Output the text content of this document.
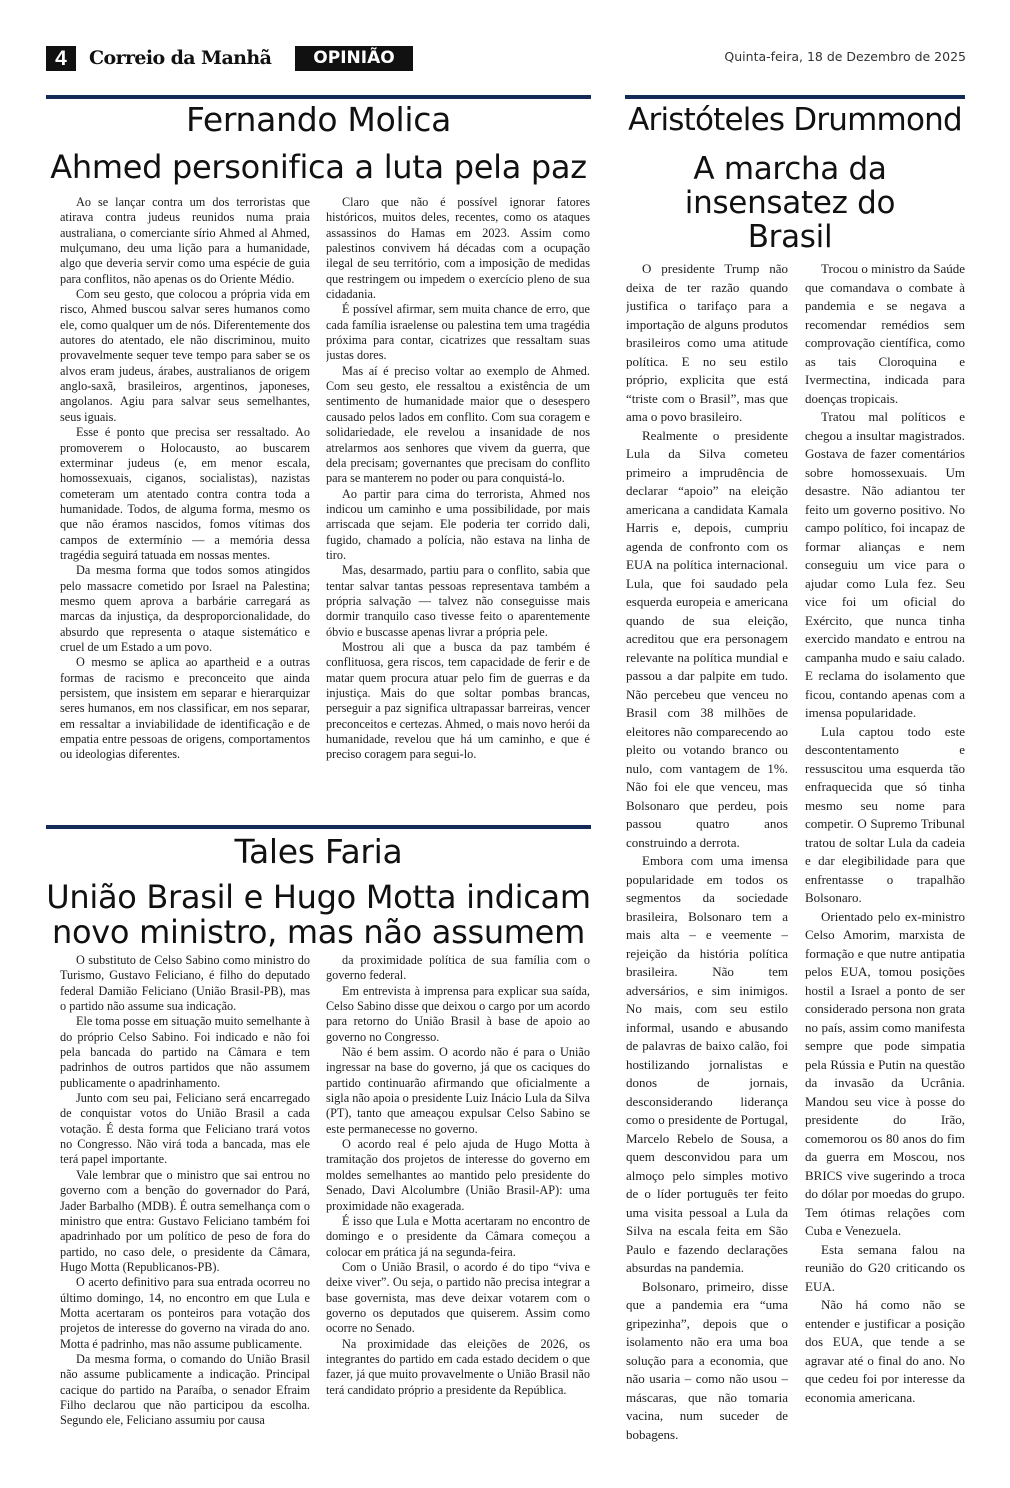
4	Correio da Manhã	OPINIÃO	Quinta-feira, 18 de Dezembro de 2025
Fernando Molica
Ahmed personifica a luta pela paz

Ao se lançar contra um dos terroristas que atirava contra judeus reunidos numa praia australiana, o comerciante sírio Ahmed al Ahmed, mulçumano, deu uma lição para a humanidade, algo que deveria servir como uma espécie de guia para conflitos, não apenas os do Oriente Médio.

Com seu gesto, que colocou a própria vida em risco, Ahmed buscou salvar seres humanos como ele, como qualquer um de nós. Diferentemente dos autores do atentado, ele não discriminou, muito provavelmente sequer teve tempo para saber se os alvos eram judeus, árabes, australianos de origem anglo-saxã, brasileiros, argentinos, japoneses, angolanos. Agiu para salvar seus semelhantes, seus iguais.

Esse é ponto que precisa ser ressaltado. Ao promoverem o Holocausto, ao buscarem exterminar judeus (e, em menor escala, homossexuais, ciganos, socialistas), nazistas cometeram um atentado contra contra toda a humanidade. Todos, de alguma forma, mesmo os que não éramos nascidos, fomos vítimas dos campos de extermínio — a memória dessa tragédia seguirá tatuada em nossas mentes.

Da mesma forma que todos somos atingidos pelo massacre cometido por Israel na Palestina; mesmo quem aprova a barbárie carregará as marcas da injustiça, da desproporcionalidade, do absurdo que representa o ataque sistemático e cruel de um Estado a um povo.

O mesmo se aplica ao apartheid e a outras formas de racismo e preconceito que ainda persistem, que insistem em separar e hierarquizar seres humanos, em nos classificar, em nos separar, em ressaltar a inviabilidade de identificação e de empatia entre pessoas de origens, comportamentos ou ideologias diferentes.

Claro que não é possível ignorar fatores históricos, muitos deles, recentes, como os ataques assassinos do Hamas em 2023. Assim como palestinos convivem há décadas com a ocupação ilegal de seu território, com a imposição de medidas que restringem ou impedem o exercício pleno de sua cidadania.

É possível afirmar, sem muita chance de erro, que cada família israelense ou palestina tem uma tragédia próxima para contar, cicatrizes que ressaltam suas justas dores.

Mas aí é preciso voltar ao exemplo de Ahmed. Com seu gesto, ele ressaltou a existência de um sentimento de humanidade maior que o desespero causado pelos lados em conflito. Com sua coragem e solidariedade, ele revelou a insanidade de nos atrelarmos aos senhores que vivem da guerra, que dela precisam; governantes que precisam do conflito para se manterem no poder ou para conquistá-lo.

Ao partir para cima do terrorista, Ahmed nos indicou um caminho e uma possibilidade, por mais arriscada que sejam. Ele poderia ter corrido dali, fugido, chamado a polícia, não estava na linha de tiro.

Mas, desarmado, partiu para o conflito, sabia que tentar salvar tantas pessoas representava também a própria salvação — talvez não conseguisse mais dormir tranquilo caso tivesse feito o aparentemente óbvio e buscasse apenas livrar a própria pele.

Mostrou ali que a busca da paz também é conflituosa, gera riscos, tem capacidade de ferir e de matar quem procura atuar pelo fim de guerras e da injustiça. Mais do que soltar pombas brancas, perseguir a paz significa ultrapassar barreiras, vencer preconceitos e certezas. Ahmed, o mais novo herói da humanidade, revelou que há um caminho, e que é preciso coragem para segui-lo.

Tales Faria
União Brasil e Hugo Motta indicam novo ministro, mas não assumem

O substituto de Celso Sabino como ministro do Turismo, Gustavo Feliciano, é filho do deputado federal Damião Feliciano (União Brasil-PB), mas o partido não assume sua indicação.

Ele toma posse em situação muito semelhante à do próprio Celso Sabino. Foi indicado e não foi pela bancada do partido na Câmara e tem padrinhos de outros partidos que não assumem publicamente o apadrinhamento.

Junto com seu pai, Feliciano será encarregado de conquistar votos do União Brasil a cada votação. É desta forma que Feliciano trará votos no Congresso. Não virá toda a bancada, mas ele terá papel importante.

Vale lembrar que o ministro que sai entrou no governo com a benção do governador do Pará, Jader Barbalho (MDB). É outra semelhança com o ministro que entra: Gustavo Feliciano também foi apadrinhado por um político de peso de fora do partido, no caso dele, o presidente da Câmara, Hugo Motta (Republicanos-PB).

O acerto definitivo para sua entrada ocorreu no último domingo, 14, no encontro em que Lula e Motta acertaram os ponteiros para votação dos projetos de interesse do governo na virada do ano. Motta é padrinho, mas não assume publicamente.

Da mesma forma, o comando do União Brasil não assume publicamente a indicação. Principal cacique do partido na Paraíba, o senador Efraim Filho declarou que não participou da escolha. Segundo ele, Feliciano assumiu por causa

da proximidade política de sua família com o governo federal.

Em entrevista à imprensa para explicar sua saída, Celso Sabino disse que deixou o cargo por um acordo para retorno do União Brasil à base de apoio ao governo no Congresso.

Não é bem assim. O acordo não é para o União ingressar na base do governo, já que os caciques do partido continuarão afirmando que oficialmente a sigla não apoia o presidente Luiz Inácio Lula da Silva (PT), tanto que ameaçou expulsar Celso Sabino se este permanecesse no governo.

O acordo real é pelo ajuda de Hugo Motta à tramitação dos projetos de interesse do governo em moldes semelhantes ao mantido pelo presidente do Senado, Davi Alcolumbre (União Brasil-AP): uma proximidade não exagerada.

É isso que Lula e Motta acertaram no encontro de domingo e o presidente da Câmara começou a colocar em prática já na segunda-feira.

Com o União Brasil, o acordo é do tipo “viva e deixe viver”. Ou seja, o partido não precisa integrar a base governista, mas deve deixar votarem com o governo os deputados que quiserem. Assim como ocorre no Senado.

Na proximidade das eleições de 2026, os integrantes do partido em cada estado decidem o que fazer, já que muito provavelmente o União Brasil não terá candidato próprio a presidente da República.

Aristóteles Drummond
A marcha da insensatez do Brasil

O presidente Trump não deixa de ter razão quando justifica o tarifaço para a importação de alguns produtos brasileiros como uma atitude política. E no seu estilo próprio, explicita que está “triste com o Brasil”, mas que ama o povo brasileiro.

Realmente o presidente Lula da Silva cometeu primeiro a imprudência de declarar “apoio” na eleição americana a candidata Kamala Harris e, depois, cumpriu agenda de confronto com os EUA na política internacional. Lula, que foi saudado pela esquerda europeia e americana quando de sua eleição, acreditou que era personagem relevante na política mundial e passou a dar palpite em tudo. Não percebeu que venceu no Brasil com 38 milhões de eleitores não comparecendo ao pleito ou votando branco ou nulo, com vantagem de 1%. Não foi ele que venceu, mas Bolsonaro que perdeu, pois passou quatro anos construindo a derrota.

Embora com uma imensa popularidade em todos os segmentos da sociedade brasileira, Bolsonaro tem a mais alta – e veemente – rejeição da história política brasileira. Não tem adversários, e sim inimigos. No mais, com seu estilo informal, usando e abusando de palavras de baixo calão, foi hostilizando jornalistas e donos de jornais, desconsiderando liderança como o presidente de Portugal, Marcelo Rebelo de Sousa, a quem desconvidou para um almoço pelo simples motivo de o líder português ter feito uma visita pessoal a Lula da Silva na escala feita em São Paulo e fazendo declarações absurdas na pandemia.

Bolsonaro, primeiro, disse que a pandemia era “uma gripezinha”, depois que o isolamento não era uma boa solução para a economia, que não usaria – como não usou – máscaras, que não tomaria vacina, num suceder de bobagens.

Trocou o ministro da Saúde que comandava o combate à pandemia e se negava a recomendar remédios sem comprovação científica, como as tais Cloroquina e Ivermectina, indicada para doenças tropicais.

Tratou mal políticos e chegou a insultar magistrados. Gostava de fazer comentários sobre homossexuais. Um desastre. Não adiantou ter feito um governo positivo. No campo político, foi incapaz de formar alianças e nem conseguiu um vice para o ajudar como Lula fez. Seu vice foi um oficial do Exército, que nunca tinha exercido mandato e entrou na campanha mudo e saiu calado. E reclama do isolamento que ficou, contando apenas com a imensa popularidade.

Lula captou todo este descontentamento e ressuscitou uma esquerda tão enfraquecida que só tinha mesmo seu nome para competir. O Supremo Tribunal tratou de soltar Lula da cadeia e dar elegibilidade para que enfrentasse o trapalhão Bolsonaro.

Orientado pelo ex-ministro Celso Amorim, marxista de formação e que nutre antipatia pelos EUA, tomou posições hostil a Israel a ponto de ser considerado persona non grata no país, assim como manifesta sempre que pode simpatia pela Rússia e Putin na questão da invasão da Ucrânia. Mandou seu vice à posse do presidente do Irão, comemorou os 80 anos do fim da guerra em Moscou, nos BRICS vive sugerindo a troca do dólar por moedas do grupo. Tem ótimas relações com Cuba e Venezuela.

Esta semana falou na reunião do G20 criticando os EUA.

Não há como não se entender e justificar a posição dos EUA, que tende a se agravar até o final do ano. No que cedeu foi por interesse da economia americana.
